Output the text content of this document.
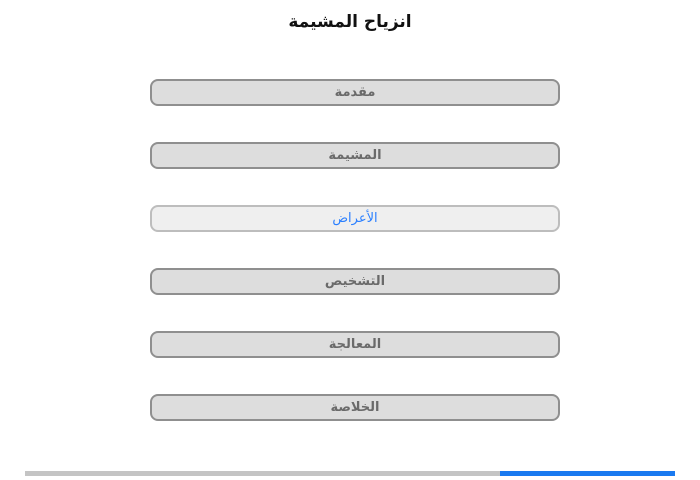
انزياح المشيمة
مقدمة
المشيمة
الأعراض
التشخيص
المعالجة
الخلاصة
